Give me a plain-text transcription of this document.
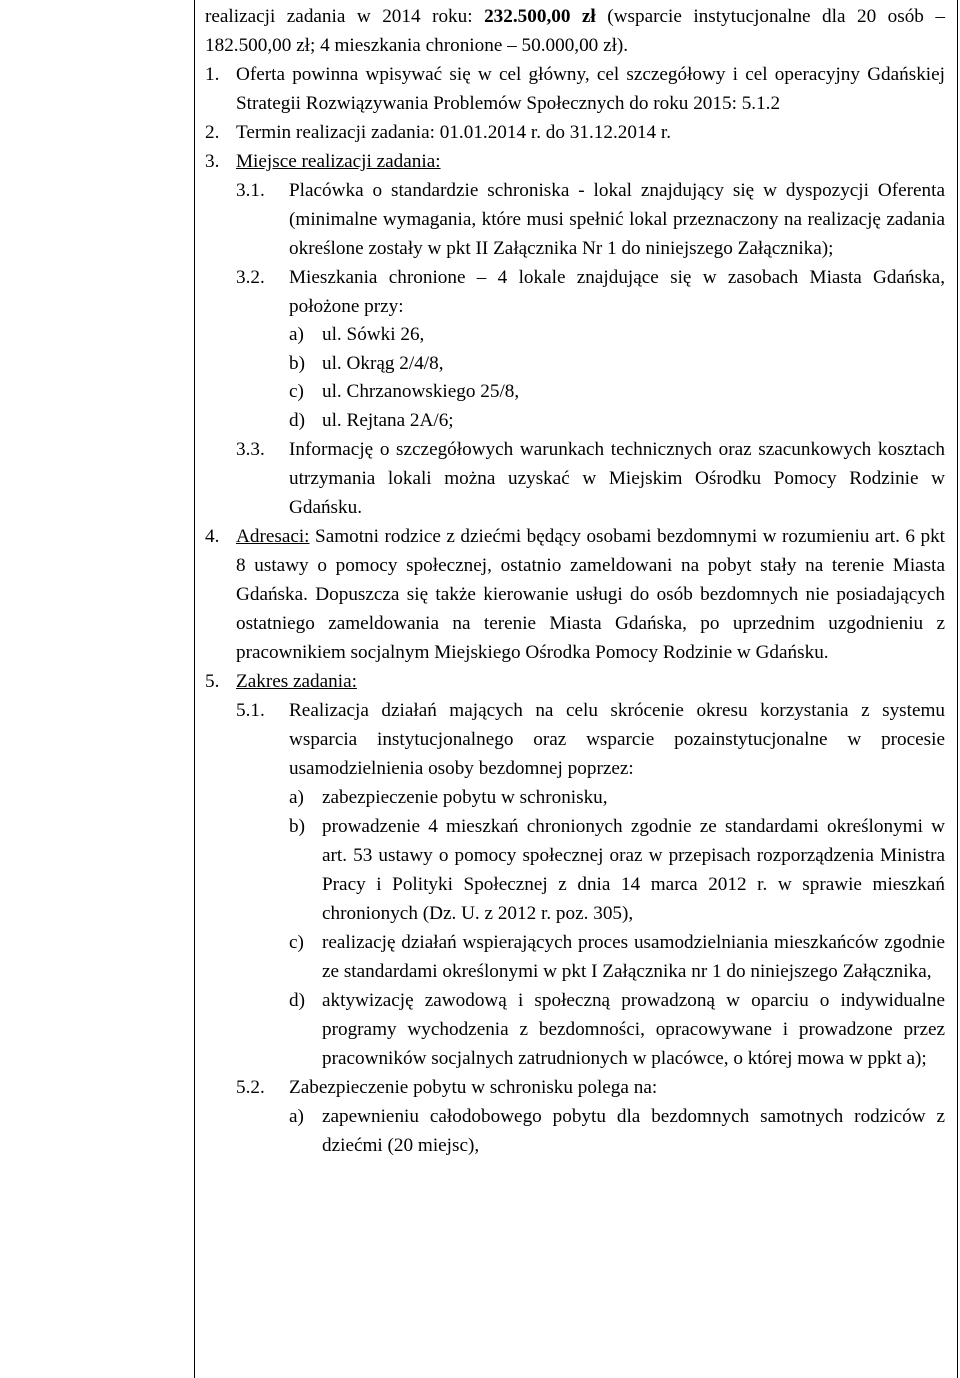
realizacji zadania w 2014 roku: 232.500,00 zł (wsparcie instytucjonalne dla 20 osób – 182.500,00 zł; 4 mieszkania chronione – 50.000,00 zł).
1. Oferta powinna wpisywać się w cel główny, cel szczegółowy i cel operacyjny Gdańskiej Strategii Rozwiązywania Problemów Społecznych do roku 2015: 5.1.2
2. Termin realizacji zadania: 01.01.2014 r. do 31.12.2014 r.
3. Miejsce realizacji zadania:
3.1. Placówka o standardzie schroniska - lokal znajdujący się w dyspozycji Oferenta (minimalne wymagania, które musi spełnić lokal przeznaczony na realizację zadania określone zostały w pkt II Załącznika Nr 1 do niniejszego Załącznika);
3.2. Mieszkania chronione – 4 lokale znajdujące się w zasobach Miasta Gdańska, położone przy:
a) ul. Sówki 26,
b) ul. Okrąg 2/4/8,
c) ul. Chrzanowskiego 25/8,
d) ul. Rejtana 2A/6;
3.3. Informację o szczegółowych warunkach technicznych oraz szacunkowych kosztach utrzymania lokali można uzyskać w Miejskim Ośrodku Pomocy Rodzinie w Gdańsku.
4. Adresaci: Samotni rodzice z dziećmi będący osobami bezdomnymi w rozumieniu art. 6 pkt 8 ustawy o pomocy społecznej, ostatnio zameldowani na pobyt stały na terenie Miasta Gdańska. Dopuszcza się także kierowanie usługi do osób bezdomnych nie posiadających ostatniego zameldowania na terenie Miasta Gdańska, po uprzednim uzgodnieniu z pracownikiem socjalnym Miejskiego Ośrodka Pomocy Rodzinie w Gdańsku.
5. Zakres zadania:
5.1. Realizacja działań mających na celu skrócenie okresu korzystania z systemu wsparcia instytucjonalnego oraz wsparcie pozainstytucjonalne w procesie usamodzielnienia osoby bezdomnej poprzez:
a) zabezpieczenie pobytu w schronisku,
b) prowadzenie 4 mieszkań chronionych zgodnie ze standardami określonymi w art. 53 ustawy o pomocy społecznej oraz w przepisach rozporządzenia Ministra Pracy i Polityki Społecznej z dnia 14 marca 2012 r. w sprawie mieszkań chronionych (Dz. U. z 2012 r. poz. 305),
c) realizację działań wspierających proces usamodzielniania mieszkańców zgodnie ze standardami określonymi w pkt I Załącznika nr 1 do niniejszego Załącznika,
d) aktywizację zawodową i społeczną prowadzoną w oparciu o indywidualne programy wychodzenia z bezdomności, opracowywane i prowadzone przez pracowników socjalnych zatrudnionych w placówce, o której mowa w ppkt a);
5.2. Zabezpieczenie pobytu w schronisku polega na:
a) zapewnieniu całodobowego pobytu dla bezdomnych samotnych rodziców z dziećmi (20 miejsc),
